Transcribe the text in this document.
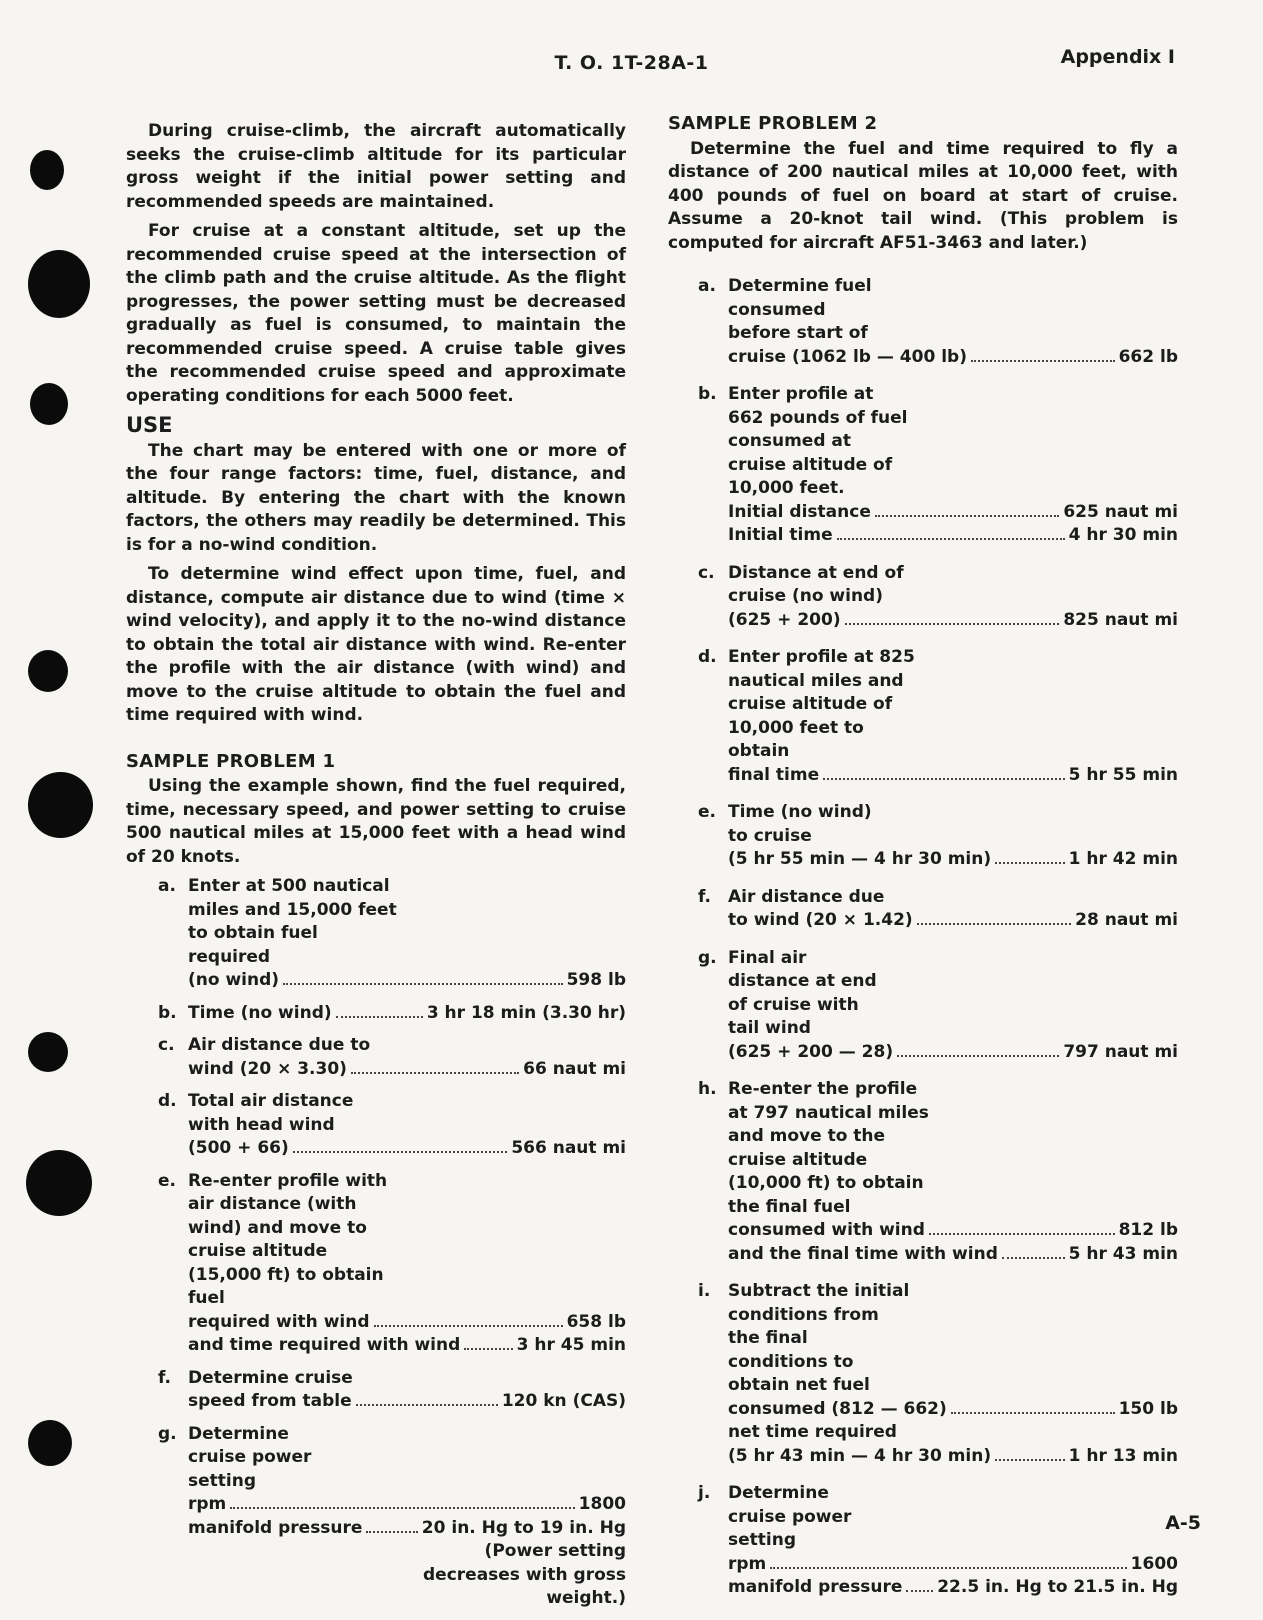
T. O. 1T-28A-1	Appendix I

During cruise-climb, the aircraft automatically seeks the cruise-climb altitude for its particular gross weight if the initial power setting and recommended speeds are maintained.

For cruise at a constant altitude, set up the recommended cruise speed at the intersection of the climb path and the cruise altitude. As the flight progresses, the power setting must be decreased gradually as fuel is consumed, to maintain the recommended cruise speed. A cruise table gives the recommended cruise speed and approximate operating conditions for each 5000 feet.

USE

The chart may be entered with one or more of the four range factors: time, fuel, distance, and altitude. By entering the chart with the known factors, the others may readily be determined. This is for a no-wind condition.

To determine wind effect upon time, fuel, and distance, compute air distance due to wind (time × wind velocity), and apply it to the no-wind distance to obtain the total air distance with wind. Re-enter the profile with the air distance (with wind) and move to the cruise altitude to obtain the fuel and time required with wind.

SAMPLE PROBLEM 1

Using the example shown, find the fuel required, time, necessary speed, and power setting to cruise 500 nautical miles at 15,000 feet with a head wind of 20 knots.

a. Enter at 500 nautical miles and 15,000 feet to obtain fuel required
(no wind)	598 lb
b. Time (no wind)	3 hr 18 min (3.30 hr)
c. Air distance due to
wind (20 × 3.30)	66 naut mi
d. Total air distance with head wind
(500 + 66)	566 naut mi
e. Re-enter profile with air distance (with wind) and move to cruise altitude (15,000 ft) to obtain fuel
required with wind	658 lb
and time required with wind	3 hr 45 min
f.	Determine cruise
speed from table	120 kn (CAS)
g. Determine cruise power setting
rpm	1800
manifold pressure	20 in. Hg to 19 in. Hg
(Power setting decreases with gross weight.)
SAMPLE PROBLEM 2

Determine the fuel and time required to fly a distance of 200 nautical miles at 10,000 feet, with 400 pounds of fuel on board at start of cruise. Assume a 20-knot tail wind. (This problem is computed for aircraft AF51-3463 and later.)

a. Determine fuel consumed before start of
cruise (1062 lb — 400 lb)	662 lb
b. Enter profile at 662 pounds of fuel consumed at cruise altitude of 10,000 feet.
Initial distance	625 naut mi
Initial time	4 hr 30 min
c. Distance at end of cruise (no wind)
(625 + 200)	825 naut mi
d. Enter profile at 825 nautical miles and cruise altitude of 10,000 feet to obtain
final time	5 hr 55 min
e. Time (no wind) to cruise
(5 hr 55 min — 4 hr 30 min)	1 hr 42 min
f.	Air distance due
to wind (20 × 1.42)	28 naut mi
g. Final air distance at end of cruise with tail wind
(625 + 200 — 28)	797 naut mi
h. Re-enter the profile at 797 nautical miles and move to the cruise altitude (10,000 ft) to obtain the final fuel
consumed with wind	812 lb
and the final time with wind	5 hr 43 min
i.	Subtract the initial conditions from the final conditions to obtain net fuel
consumed (812 — 662)	150 lb
net time required
(5 hr 43 min — 4 hr 30 min)	1 hr 13 min
j.	Determine cruise power setting
rpm	1600
manifold pressure 22.5 in. Hg to 21.5 in. Hg
A-5
